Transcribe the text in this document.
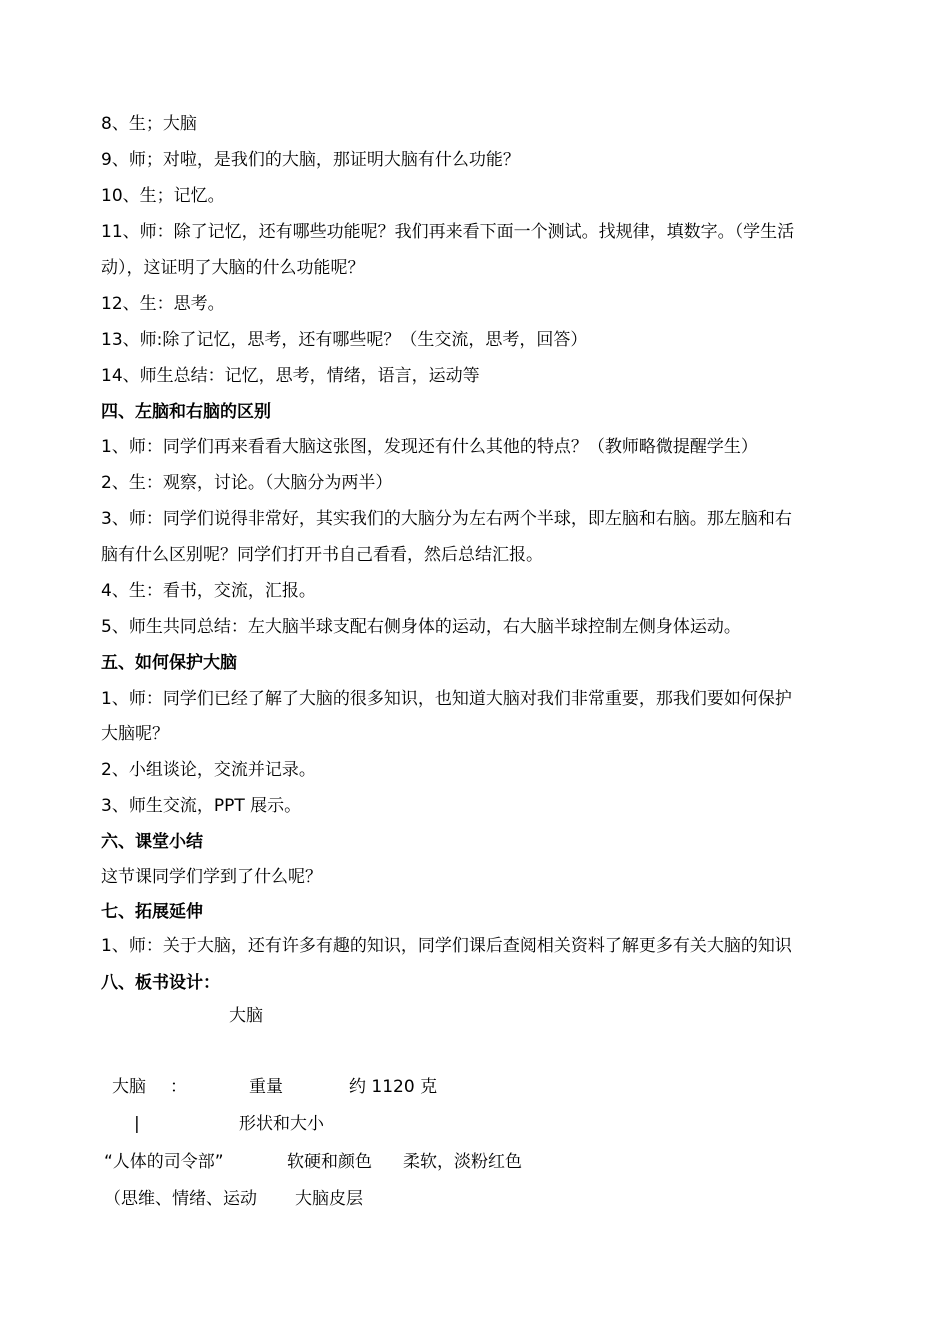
8、生；大脑
9、师；对啦，是我们的大脑，那证明大脑有什么功能？
10、生；记忆。
11、师：除了记忆，还有哪些功能呢？我们再来看下面一个测试。找规律，填数字。（学生活
动），这证明了大脑的什么功能呢？
12、生：思考。
13、师:除了记忆，思考，还有哪些呢？（生交流，思考，回答）
14、师生总结：记忆，思考，情绪，语言，运动等
四、左脑和右脑的区别
1、师：同学们再来看看大脑这张图，发现还有什么其他的特点？（教师略微提醒学生）
2、生：观察，讨论。（大脑分为两半）
3、师：同学们说得非常好，其实我们的大脑分为左右两个半球，即左脑和右脑。那左脑和右
脑有什么区别呢？同学们打开书自己看看，然后总结汇报。
4、生：看书，交流，汇报。
5、师生共同总结：左大脑半球支配右侧身体的运动，右大脑半球控制左侧身体运动。
五、如何保护大脑
1、师：同学们已经了解了大脑的很多知识，也知道大脑对我们非常重要，那我们要如何保护
大脑呢？
2、小组谈论，交流并记录。
3、师生交流，PPT 展示。
六、课堂小结
这节课同学们学到了什么呢？
七、拓展延伸
1、师：关于大脑，还有许多有趣的知识，同学们课后查阅相关资料了解更多有关大脑的知识
八、板书设计：
大脑
大脑 ：	重量	约 1120 克
|	形状和大小
“人体的司令部”	软硬和颜色 柔软，淡粉红色
（思维、情绪、运动 大脑皮层
